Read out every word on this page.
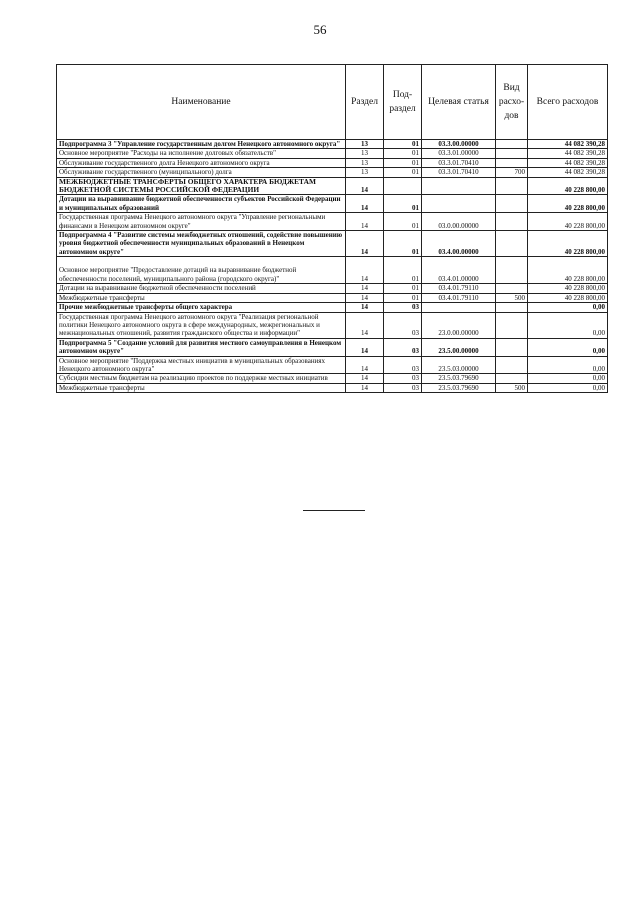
56
Наименование	Раздел	Под-раздел	Целевая статья	Вид расхо-дов	Всего расходов
Подпрограмма 3 "Управление государственным долгом Ненецкого автономного округа"	13	01	03.3.00.00000		44 082 390,28
Основное мероприятие "Расходы на исполнение долговых обязательств"	13	01	03.3.01.00000		44 082 390,28
Обслуживание государственного долга Ненецкого автономного округа	13	01	03.3.01.70410		44 082 390,28
Обслуживание государственного (муниципального) долга	13	01	03.3.01.70410	700	44 082 390,28
МЕЖБЮДЖЕТНЫЕ ТРАНСФЕРТЫ ОБЩЕГО ХАРАКТЕРА БЮДЖЕТАМ БЮДЖЕТНОЙ СИСТЕМЫ РОССИЙСКОЙ ФЕДЕРАЦИИ	14				40 228 800,00
Дотации на выравнивание бюджетной обеспеченности субъектов Российской Федерации и муниципальных образований	14	01			40 228 800,00
Государственная программа Ненецкого автономного округа "Управление региональными финансами в Ненецком автономном округе"	14	01	03.0.00.00000		40 228 800,00
Подпрограмма 4 "Развитие системы межбюджетных отношений, содействие повышению уровня бюджетной обеспеченности муниципальных образований в Ненецком автономном округе"	14	01	03.4.00.00000		40 228 800,00
Основное мероприятие "Предоставление дотаций на выравнивание бюджетной обеспеченности поселений, муниципального района (городского округа)"	14	01	03.4.01.00000		40 228 800,00
Дотации на выравнивание бюджетной обеспеченности поселений	14	01	03.4.01.79110		40 228 800,00
Межбюджетные трансферты	14	01	03.4.01.79110	500	40 228 800,00
Прочие межбюджетные трансферты общего характера	14	03			0,00
Государственная программа Ненецкого автономного округа "Реализация региональной политики Ненецкого автономного округа в сфере международных, межрегиональных и межнациональных отношений, развития гражданского общества и информации"	14	03	23.0.00.00000		0,00
Подпрограмма 5 "Создание условий для развития местного самоуправления в Ненецком автономном округе"	14	03	23.5.00.00000		0,00
Основное мероприятие "Поддержка местных инициатив в муниципальных образованиях Ненецкого автономного округа"	14	03	23.5.03.00000		0,00
Субсидии местным бюджетам на реализацию проектов по поддержке местных инициатив	14	03	23.5.03.79690		0,00
Межбюджетные трансферты	14	03	23.5.03.79690	500	0,00
